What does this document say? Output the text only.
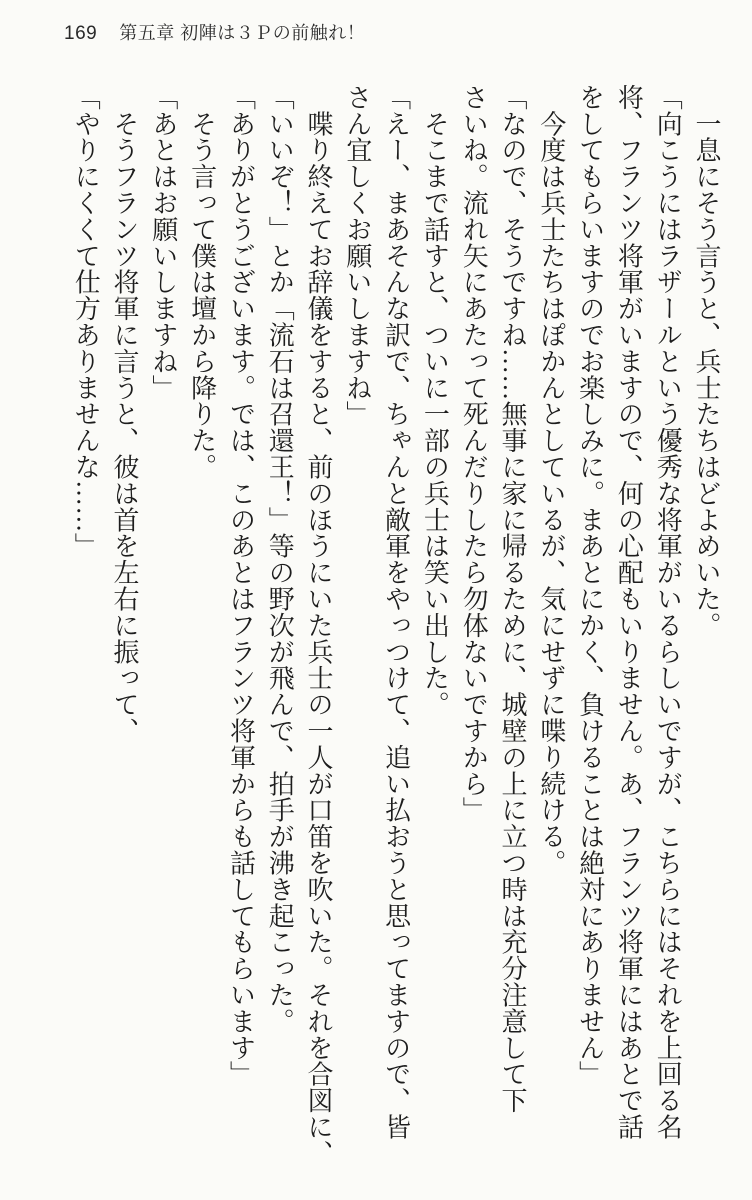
169 第五章 初陣は３Ｐの前触れ！
　一息にそう言うと、兵士たちはどよめいた。
「向こうにはラザールという優秀な将軍がいるらしいですが、こちらにはそれを上回る名
将、フランツ将軍がいますので、何の心配もいりません。あ、フランツ将軍にはあとで話
をしてもらいますのでお楽しみに。まあとにかく、負けることは絶対にありません」
　今度は兵士たちはぽかんとしているが、気にせずに喋り続ける。
「なので、そうですね……無事に家に帰るために、城壁の上に立つ時は充分注意して下
さいね。流れ矢にあたって死んだりしたら勿体ないですから」
　そこまで話すと、ついに一部の兵士は笑い出した。
「えー、まあそんな訳で、ちゃんと敵軍をやっつけて、追い払おうと思ってますので、皆
さん宜しくお願いしますね」
　喋り終えてお辞儀をすると、前のほうにいた兵士の一人が口笛を吹いた。それを合図に、
「いいぞ！」とか「流石は召還王！」等の野次が飛んで、拍手が沸き起こった。
「ありがとうございます。では、このあとはフランツ将軍からも話してもらいます」
　そう言って僕は壇から降りた。
「あとはお願いしますね」
　そうフランツ将軍に言うと、彼は首を左右に振って、
「やりにくくて仕方ありませんな……」
